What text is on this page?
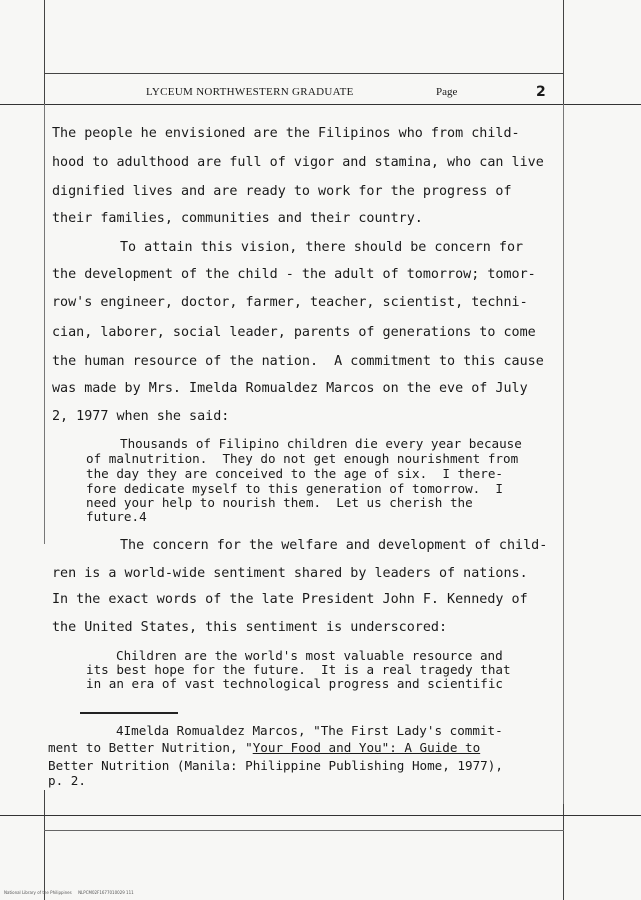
LYCEUM NORTHWESTERN GRADUATE	Page	2
The people he envisioned are the Filipinos who from child-
hood to adulthood are full of vigor and stamina, who can live
dignified lives and are ready to work for the progress of
their families, communities and their country.
To attain this vision, there should be concern for
the development of the child - the adult of tomorrow; tomor-
row's engineer, doctor, farmer, teacher, scientist, techni-
cian, laborer, social leader, parents of generations to come
the human resource of the nation.  A commitment to this cause
was made by Mrs. Imelda Romualdez Marcos on the eve of July
2, 1977 when she said:
Thousands of Filipino children die every year because
of malnutrition.  They do not get enough nourishment from
the day they are conceived to the age of six.  I there-
fore dedicate myself to this generation of tomorrow.  I
need your help to nourish them.  Let us cherish the
future.4
The concern for the welfare and development of child-
ren is a world-wide sentiment shared by leaders of nations.
In the exact words of the late President John F. Kennedy of
the United States, this sentiment is underscored:
Children are the world's most valuable resource and
its best hope for the future.  It is a real tragedy that
in an era of vast technological progress and scientific
4Imelda Romualdez Marcos, "The First Lady's commit-
ment to Better Nutrition, "Your Food and You": A Guide to
Better Nutrition (Manila: Philippine Publishing Home, 1977),
p. 2.
National Library of the Philippines     NLPCM02F1677010029 111
